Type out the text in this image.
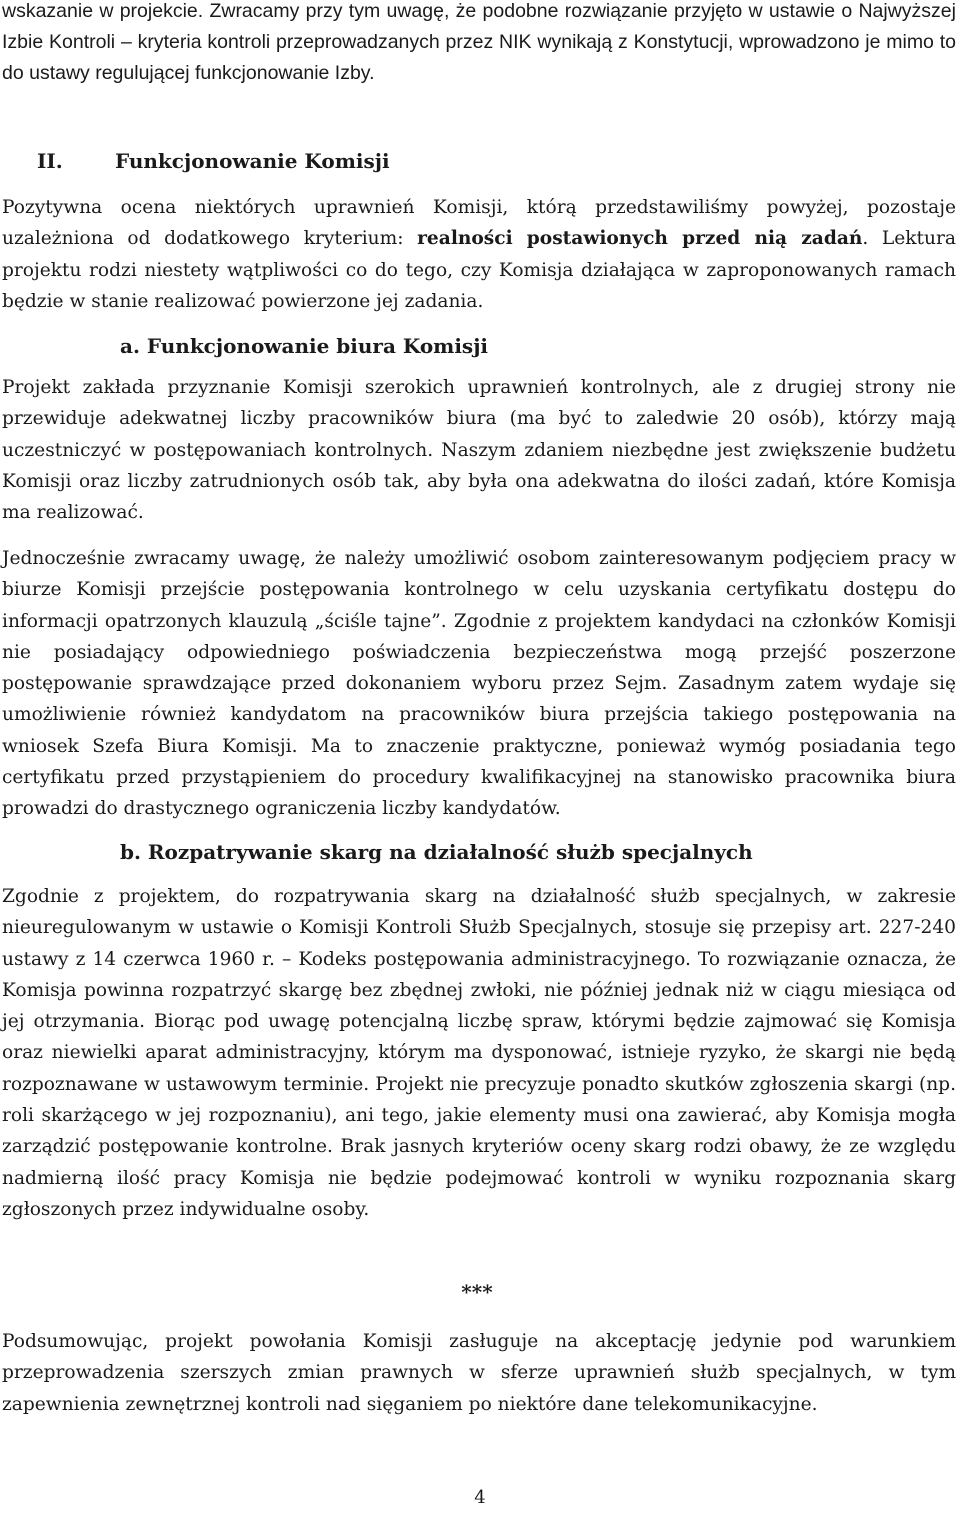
wskazanie w projekcie. Zwracamy przy tym uwagę, że podobne rozwiązanie przyjęto w ustawie o Najwyższej Izbie Kontroli – kryteria kontroli przeprowadzanych przez NIK wynikają z Konstytucji, wprowadzono je mimo to do ustawy regulującej funkcjonowanie Izby.

II.	Funkcjonowanie Komisji

Pozytywna ocena niektórych uprawnień Komisji, którą przedstawiliśmy powyżej, pozostaje uzależniona od dodatkowego kryterium: realności postawionych przed nią zadań. Lektura projektu rodzi niestety wątpliwości co do tego, czy Komisja działająca w zaproponowanych ramach będzie w stanie realizować powierzone jej zadania.

a. Funkcjonowanie biura Komisji

Projekt zakłada przyznanie Komisji szerokich uprawnień kontrolnych, ale z drugiej strony nie przewiduje adekwatnej liczby pracowników biura (ma być to zaledwie 20 osób), którzy mają uczestniczyć w postępowaniach kontrolnych. Naszym zdaniem niezbędne jest zwiększenie budżetu Komisji oraz liczby zatrudnionych osób tak, aby była ona adekwatna do ilości zadań, które Komisja ma realizować.

Jednocześnie zwracamy uwagę, że należy umożliwić osobom zainteresowanym podjęciem pracy w biurze Komisji przejście postępowania kontrolnego w celu uzyskania certyfikatu dostępu do informacji opatrzonych klauzulą „ściśle tajne”. Zgodnie z projektem kandydaci na członków Komisji nie posiadający odpowiedniego poświadczenia bezpieczeństwa mogą przejść poszerzone postępowanie sprawdzające przed dokonaniem wyboru przez Sejm. Zasadnym zatem wydaje się umożliwienie również kandydatom na pracowników biura przejścia takiego postępowania na wniosek Szefa Biura Komisji. Ma to znaczenie praktyczne, ponieważ wymóg posiadania tego certyfikatu przed przystąpieniem do procedury kwalifikacyjnej na stanowisko pracownika biura prowadzi do drastycznego ograniczenia liczby kandydatów.

b. Rozpatrywanie skarg na działalność służb specjalnych

Zgodnie z projektem, do rozpatrywania skarg na działalność służb specjalnych, w zakresie nieuregulowanym w ustawie o Komisji Kontroli Służb Specjalnych, stosuje się przepisy art. 227-240 ustawy z 14 czerwca 1960 r. – Kodeks postępowania administracyjnego. To rozwiązanie oznacza, że Komisja powinna rozpatrzyć skargę bez zbędnej zwłoki, nie później jednak niż w ciągu miesiąca od jej otrzymania. Biorąc pod uwagę potencjalną liczbę spraw, którymi będzie zajmować się Komisja oraz niewielki aparat administracyjny, którym ma dysponować, istnieje ryzyko, że skargi nie będą rozpoznawane w ustawowym terminie. Projekt nie precyzuje ponadto skutków zgłoszenia skargi (np. roli skarżącego w jej rozpoznaniu), ani tego, jakie elementy musi ona zawierać, aby Komisja mogła zarządzić postępowanie kontrolne. Brak jasnych kryteriów oceny skarg rodzi obawy, że ze względu nadmierną ilość pracy Komisja nie będzie podejmować kontroli w wyniku rozpoznania skarg zgłoszonych przez indywidualne osoby.

***

Podsumowując, projekt powołania Komisji zasługuje na akceptację jedynie pod warunkiem przeprowadzenia szerszych zmian prawnych w sferze uprawnień służb specjalnych, w tym zapewnienia zewnętrznej kontroli nad sięganiem po niektóre dane telekomunikacyjne.

4
